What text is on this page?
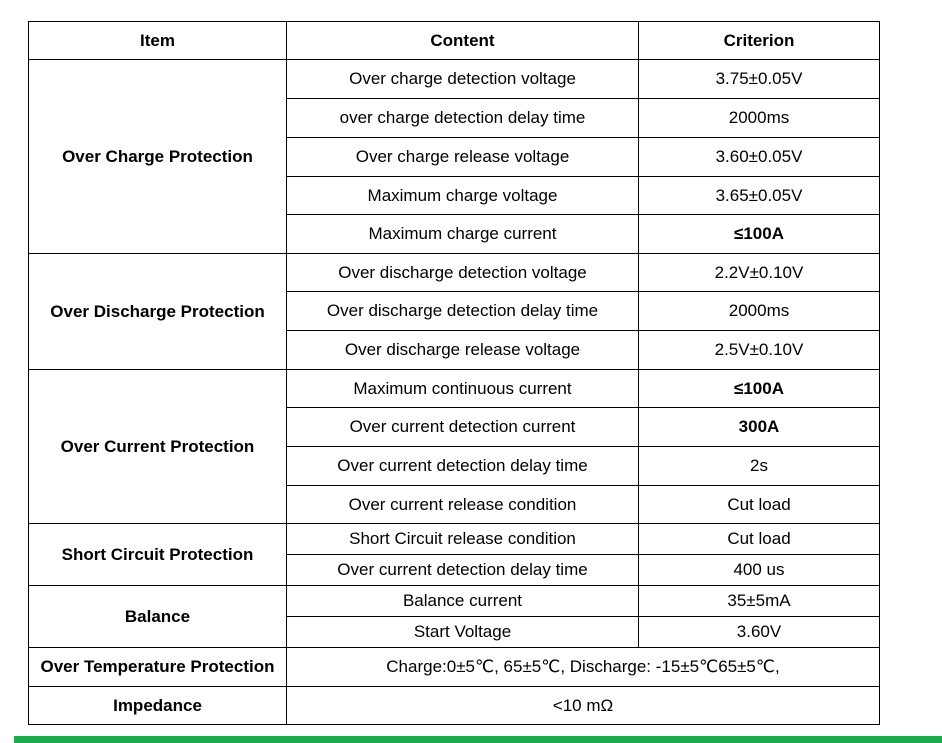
Item	Content	Criterion
Over Charge Protection	Over charge detection voltage	3.75±0.05V
	over charge detection delay time	2000ms
	Over charge release voltage	3.60±0.05V
	Maximum charge voltage	3.65±0.05V
	Maximum charge current	≤100A
Over Discharge Protection	Over discharge detection voltage	2.2V±0.10V
	Over discharge detection delay time	2000ms
	Over discharge release voltage	2.5V±0.10V
Over Current Protection	Maximum continuous current	≤100A
	Over current detection current	300A
	Over current detection delay time	2s
	Over current release condition	Cut load
Short Circuit Protection	Short Circuit release condition	Cut load
	Over current detection delay time	400 us
Balance	Balance current	35±5mA
	Start Voltage	3.60V
Over Temperature Protection	Charge:0±5℃, 65±5℃, Discharge: -15±5℃65±5℃,	
Impedance	<10 mΩ	
